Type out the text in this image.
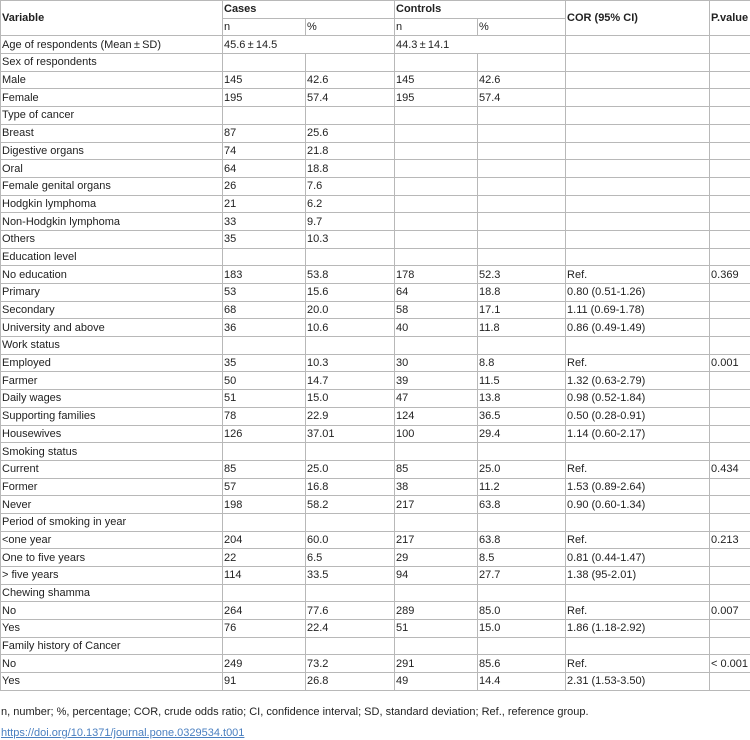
Variable	Cases		Controls		COR (95% CI)	P.value
	n	%	n	%		
Age of respondents (Mean ± SD)	45.6 ± 14.5		44.3 ± 14.1			
Sex of respondents						
Male	145	42.6	145	42.6		
Female	195	57.4	195	57.4		
Type of cancer						
Breast	87	25.6				
Digestive organs	74	21.8				
Oral	64	18.8				
Female genital organs	26	7.6				
Hodgkin lymphoma	21	6.2				
Non-Hodgkin lymphoma	33	9.7				
Others	35	10.3				
Education level						
No education	183	53.8	178	52.3	Ref.	0.369
Primary	53	15.6	64	18.8	0.80 (0.51-1.26)	
Secondary	68	20.0	58	17.1	1.11 (0.69-1.78)	
University and above	36	10.6	40	11.8	0.86 (0.49-1.49)	
Work status						
Employed	35	10.3	30	8.8	Ref.	0.001
Farmer	50	14.7	39	11.5	1.32 (0.63-2.79)	
Daily wages	51	15.0	47	13.8	0.98 (0.52-1.84)	
Supporting families	78	22.9	124	36.5	0.50 (0.28-0.91)	
Housewives	126	37.01	100	29.4	1.14 (0.60-2.17)	
Smoking status						
Current	85	25.0	85	25.0	Ref.	0.434
Former	57	16.8	38	11.2	1.53 (0.89-2.64)	
Never	198	58.2	217	63.8	0.90 (0.60-1.34)	
Period of smoking in year						
<one year	204	60.0	217	63.8	Ref.	0.213
One to five years	22	6.5	29	8.5	0.81 (0.44-1.47)	
> five years	114	33.5	94	27.7	1.38 (95-2.01)	
Chewing shamma						
No	264	77.6	289	85.0	Ref.	0.007
Yes	76	22.4	51	15.0	1.86 (1.18-2.92)	
Family history of Cancer						
No	249	73.2	291	85.6	Ref.	< 0.001
Yes	91	26.8	49	14.4	2.31 (1.53-3.50)	
n, number; %, percentage; COR, crude odds ratio; CI, confidence interval; SD, standard deviation; Ref., reference group.
https://doi.org/10.1371/journal.pone.0329534.t001
